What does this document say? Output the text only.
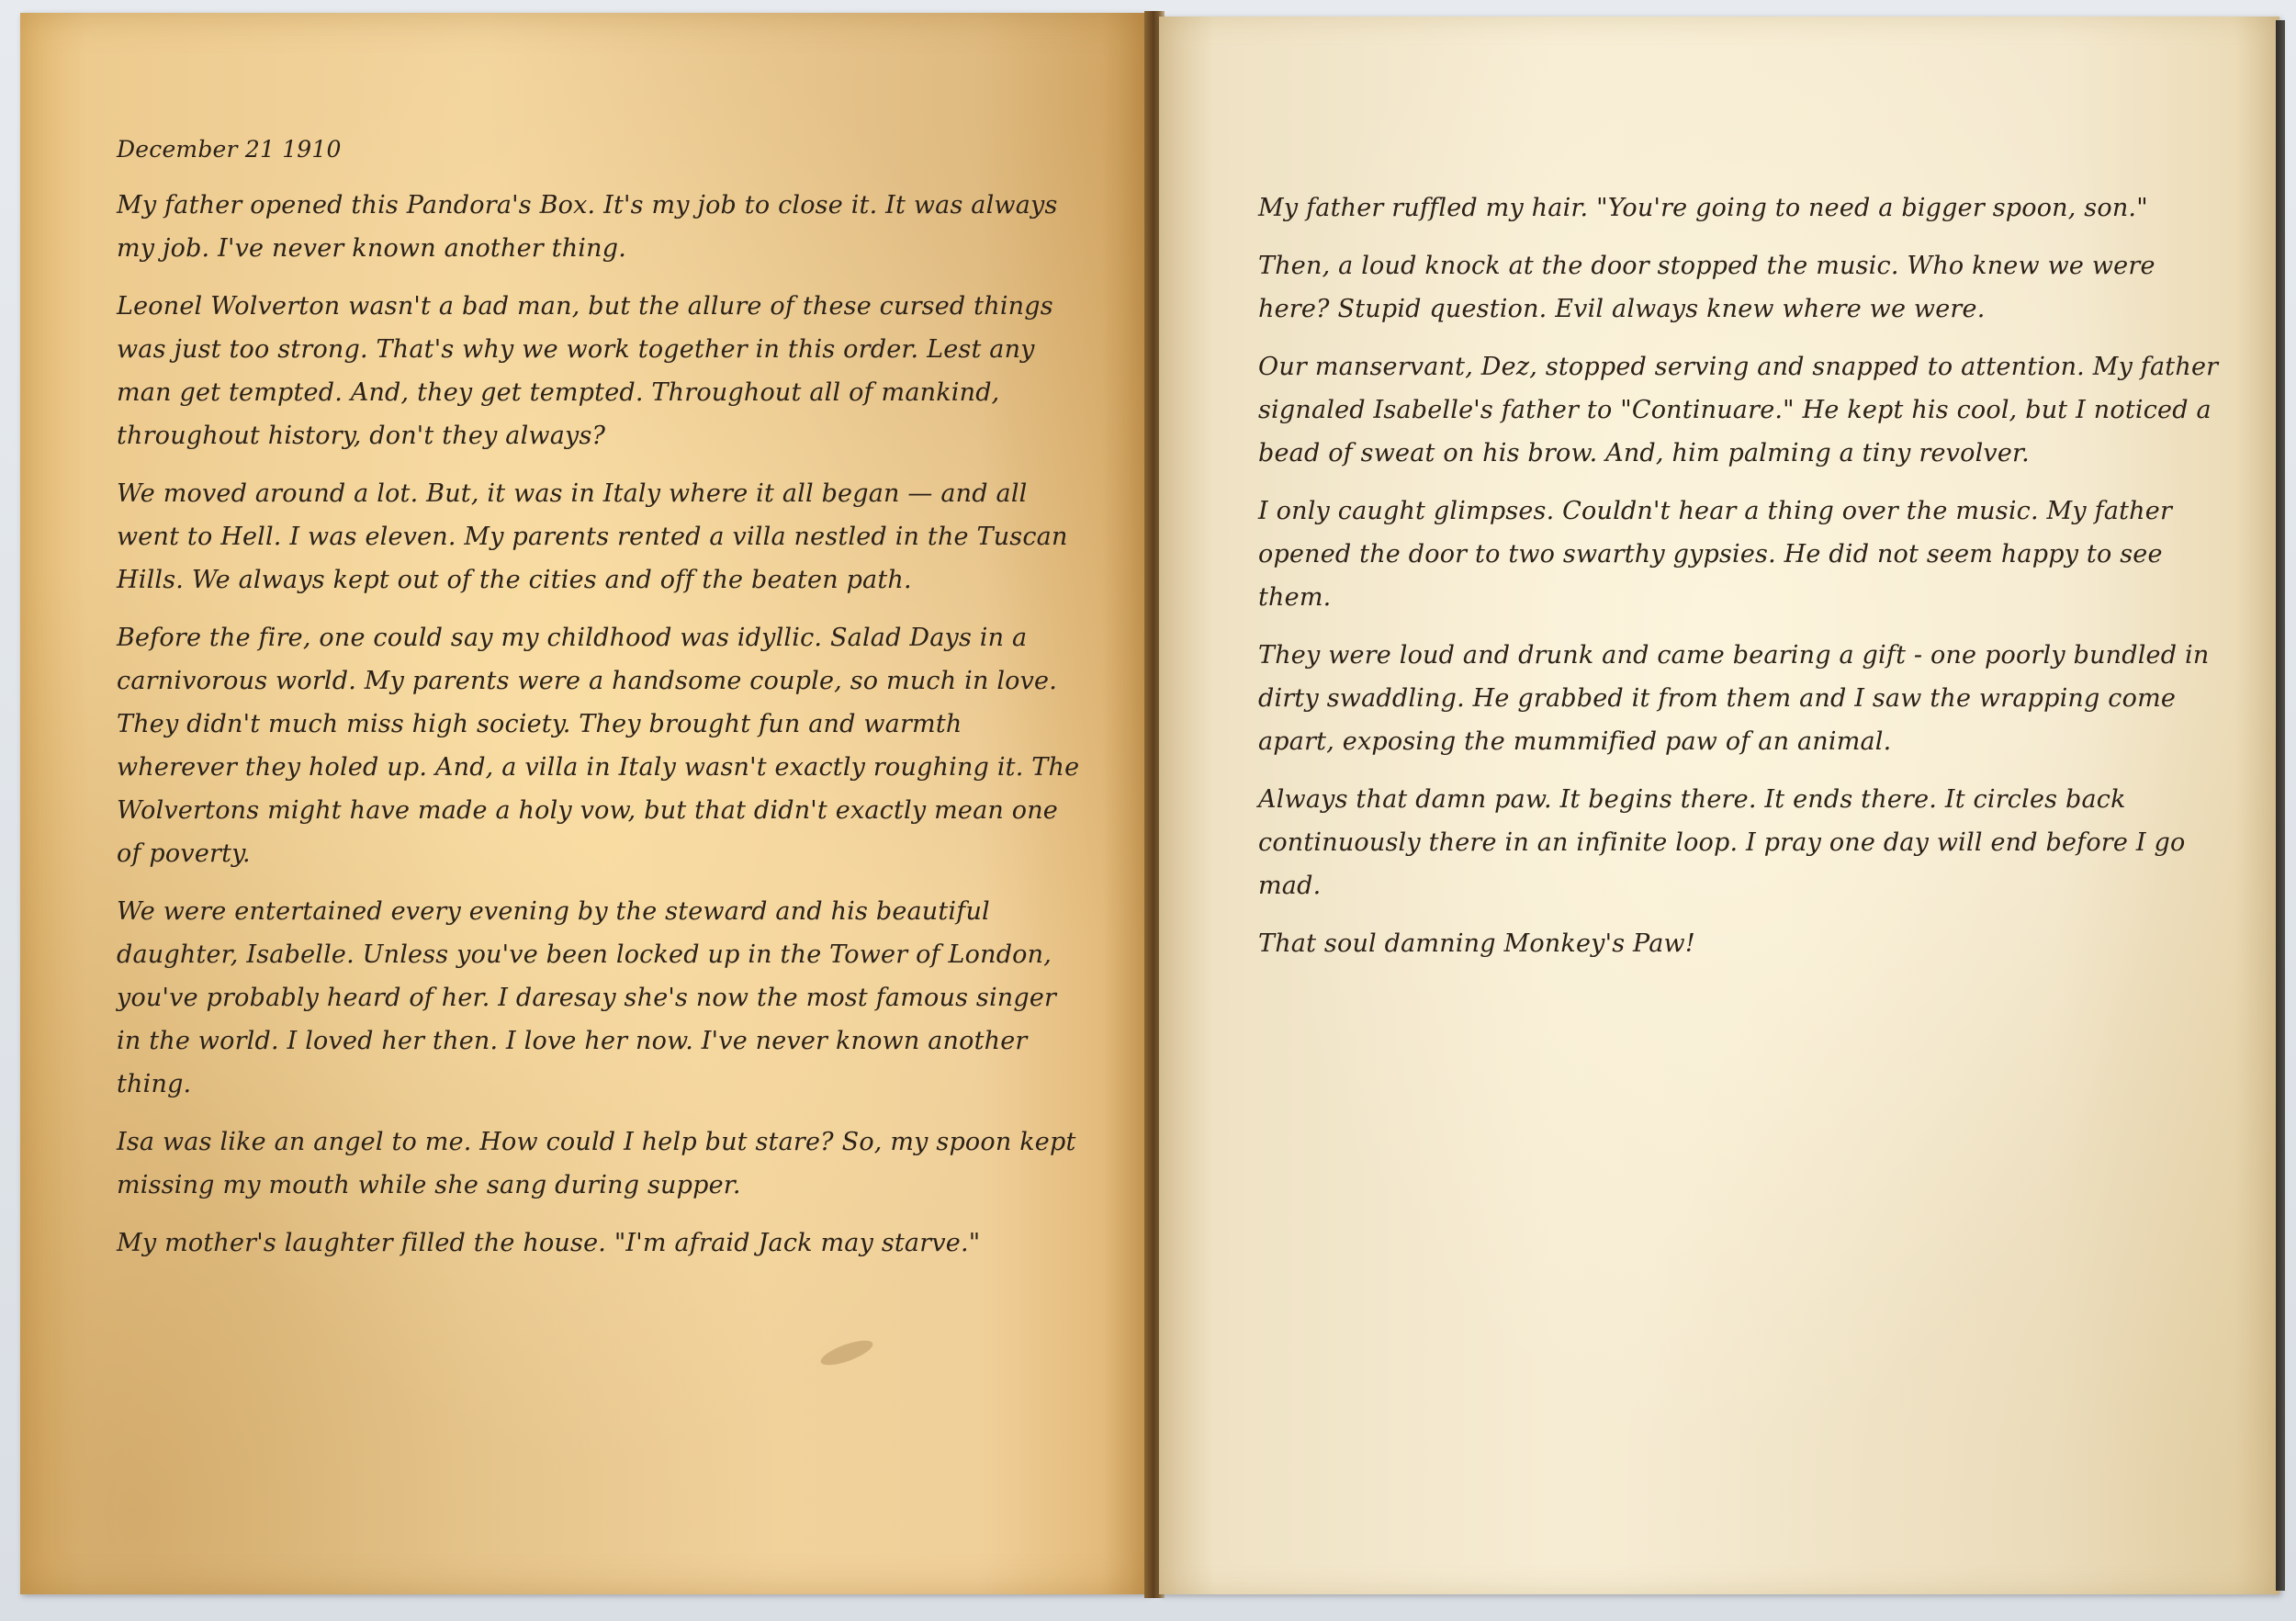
December 21 1910

My father opened this Pandora's Box. It's my job to close it. It was always my job. I've never known another thing.

Leonel Wolverton wasn't a bad man, but the allure of these cursed things was just too strong. That's why we work together in this order. Lest any man get tempted. And, they get tempted. Throughout all of mankind, throughout history, don't they always?

We moved around a lot. But, it was in Italy where it all began — and all went to Hell. I was eleven. My parents rented a villa nestled in the Tuscan Hills. We always kept out of the cities and off the beaten path.

Before the fire, one could say my childhood was idyllic. Salad Days in a carnivorous world. My parents were a handsome couple, so much in love. They didn't much miss high society. They brought fun and warmth wherever they holed up. And, a villa in Italy wasn't exactly roughing it. The Wolvertons might have made a holy vow, but that didn't exactly mean one of poverty.

We were entertained every evening by the steward and his beautiful daughter, Isabelle. Unless you've been locked up in the Tower of London, you've probably heard of her. I daresay she's now the most famous singer in the world. I loved her then. I love her now. I've never known another thing.

Isa was like an angel to me. How could I help but stare? So, my spoon kept missing my mouth while she sang during supper.

My mother's laughter filled the house. "I'm afraid Jack may starve."

My father ruffled my hair. "You're going to need a bigger spoon, son."

Then, a loud knock at the door stopped the music. Who knew we were here? Stupid question. Evil always knew where we were.

Our manservant, Dez, stopped serving and snapped to attention. My father signaled Isabelle's father to "Continuare." He kept his cool, but I noticed a bead of sweat on his brow. And, him palming a tiny revolver.

I only caught glimpses. Couldn't hear a thing over the music. My father opened the door to two swarthy gypsies. He did not seem happy to see them.

They were loud and drunk and came bearing a gift - one poorly bundled in dirty swaddling. He grabbed it from them and I saw the wrapping come apart, exposing the mummified paw of an animal.

Always that damn paw. It begins there. It ends there. It circles back continuously there in an infinite loop. I pray one day will end before I go mad.

That soul damning Monkey's Paw!
